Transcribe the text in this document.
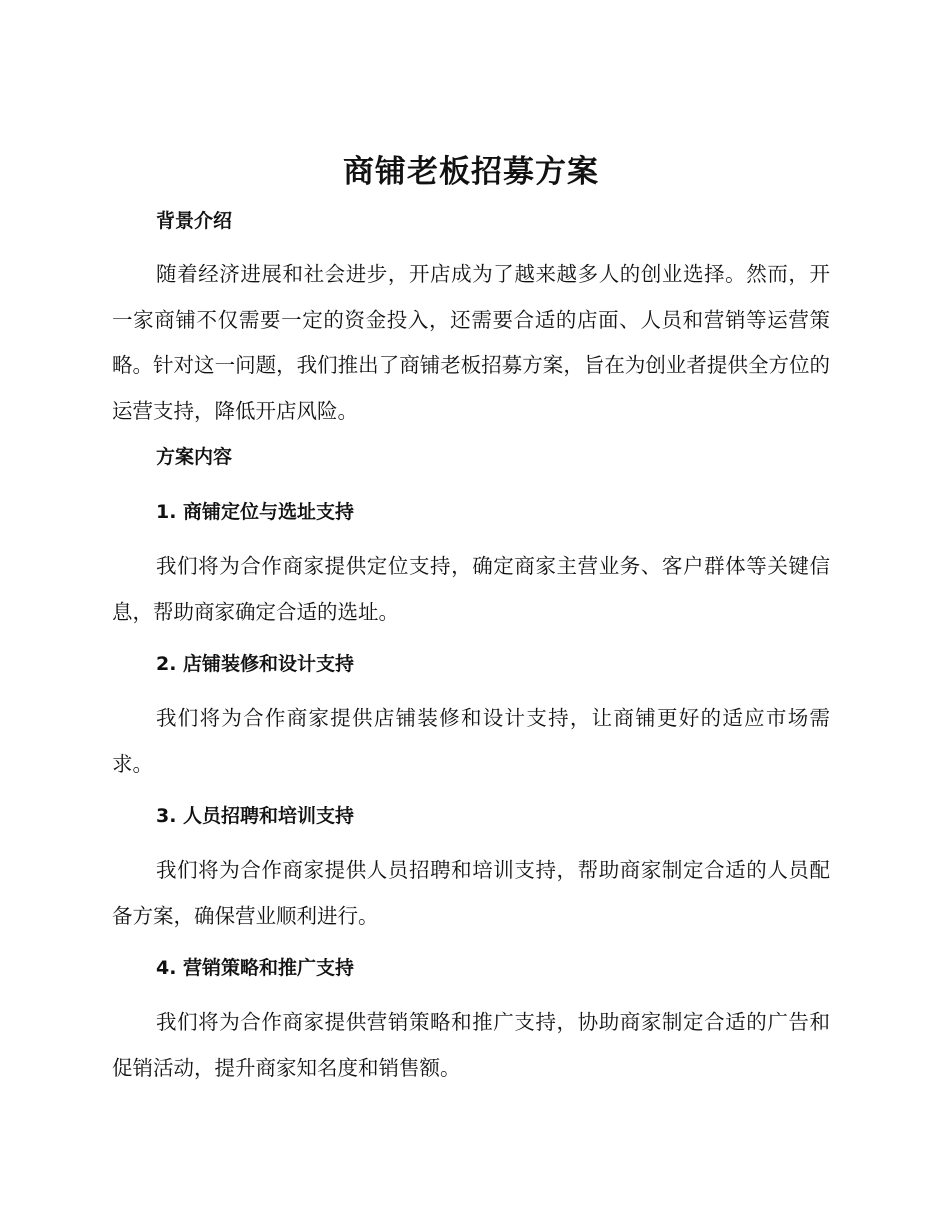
商铺老板招募方案
背景介绍

随着经济进展和社会进步，开店成为了越来越多人的创业选择。然而，开一家商铺不仅需要一定的资金投入，还需要合适的店面、人员和营销等运营策略。针对这一问题，我们推出了商铺老板招募方案，旨在为创业者提供全方位的运营支持，降低开店风险。

方案内容
1. 商铺定位与选址支持

我们将为合作商家提供定位支持，确定商家主营业务、客户群体等关键信息，帮助商家确定合适的选址。

2. 店铺装修和设计支持

我们将为合作商家提供店铺装修和设计支持，让商铺更好的适应市场需求。

3. 人员招聘和培训支持

我们将为合作商家提供人员招聘和培训支持，帮助商家制定合适的人员配备方案，确保营业顺利进行。

4. 营销策略和推广支持

我们将为合作商家提供营销策略和推广支持，协助商家制定合适的广告和促销活动，提升商家知名度和销售额。
